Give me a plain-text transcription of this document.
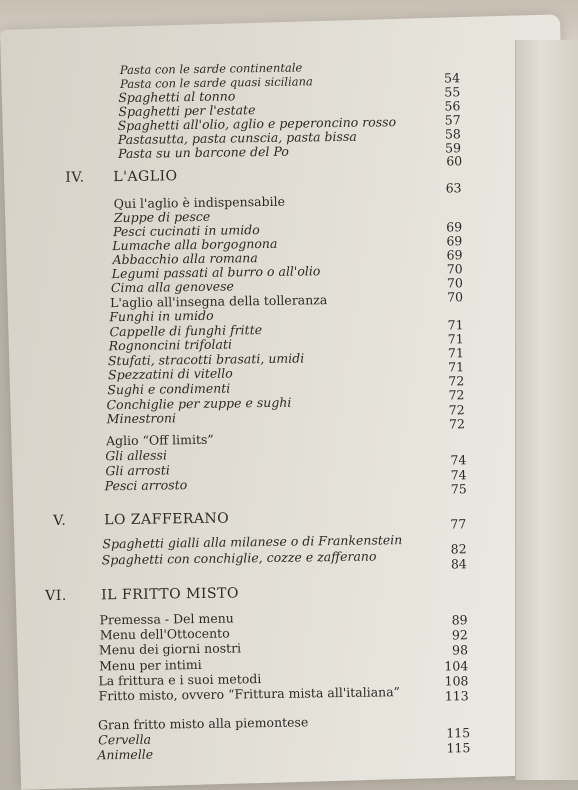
Pasta con le sarde continentale
Pasta con le sarde quasi siciliana
Spaghetti al tonno
Spaghetti per l'estate
Spaghetti all'olio, aglio e peperoncino rosso
Pastasutta, pasta cunscia, pasta bissa
Pasta su un barcone del Po
Qui l'aglio è indispensabile
Zuppe di pesce
Pesci cucinati in umido
Lumache alla borgognona
Abbacchio alla romana
Legumi passati al burro o all'olio
Cima alla genovese
L'aglio all'insegna della tolleranza
Funghi in umido
Cappelle di funghi fritte
Rognoncini trifolati
Stufati, stracotti brasati, umidi
Spezzatini di vitello
Sughi e condimenti
Conchiglie per zuppe e sughi
Minestroni
Aglio “Off limits”
Gli allessi
Gli arrosti
Pesci arrosto
Spaghetti gialli alla milanese o di Frankenstein
Spaghetti con conchiglie, cozze e zafferano
Premessa - Del menu
Menu dell'Ottocento
Menu dei giorni nostri
Menu per intimi
La frittura e i suoi metodi
Fritto misto, ovvero “Frittura mista all'italiana”
Gran fritto misto alla piemontese
Cervella
Animelle
54
55
56
57
58
59
60
63
69
69
69
70
70
70
71
71
71
71
72
72
72
72
74
74
75
77
82
84
89
92
98
104
108
113
115
115
IV. L'AGLIO
V.	LO ZAFFERANO
VI. IL FRITTO MISTO
